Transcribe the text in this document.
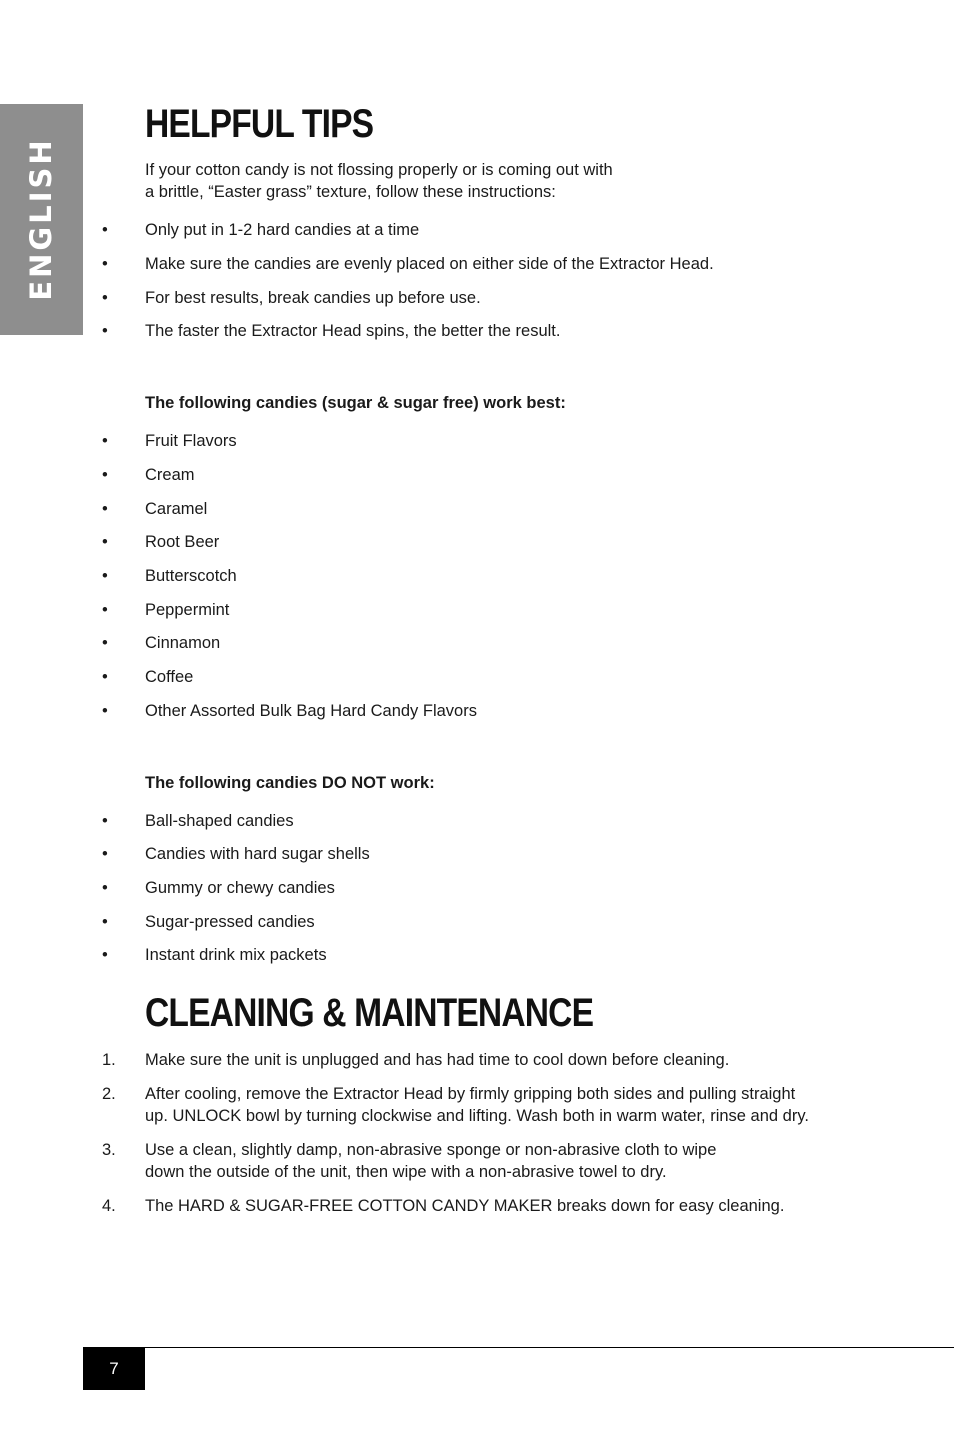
ENGLISH
HELPFUL TIPS

If your cotton candy is not flossing properly or is coming out with
a brittle, “Easter grass” texture, follow these instructions:

•	Only put in 1-2 hard candies at a time
•	Make sure the candies are evenly placed on either side of the Extractor Head.
•	For best results, break candies up before use.
•	The faster the Extractor Head spins, the better the result.

The following candies (sugar & sugar free) work best:

•	Fruit Flavors
•	Cream
•	Caramel
•	Root Beer
•	Butterscotch
•	Peppermint
•	Cinnamon
•	Coffee
•	Other Assorted Bulk Bag Hard Candy Flavors

The following candies DO NOT work:

•	Ball-shaped candies
•	Candies with hard sugar shells
•	Gummy or chewy candies
•	Sugar-pressed candies
•	Instant drink mix packets
CLEANING & MAINTENANCE
1.	Make sure the unit is unplugged and has had time to cool down before cleaning.
2.	After cooling, remove the Extractor Head by firmly gripping both sides and pulling straight
up. UNLOCK bowl by turning clockwise and lifting. Wash both in warm water, rinse and dry.
3.	Use a clean, slightly damp, non-abrasive sponge or non-abrasive cloth to wipe
down the outside of the unit, then wipe with a non-abrasive towel to dry.
4.	The HARD & SUGAR-FREE COTTON CANDY MAKER breaks down for easy cleaning.
7
